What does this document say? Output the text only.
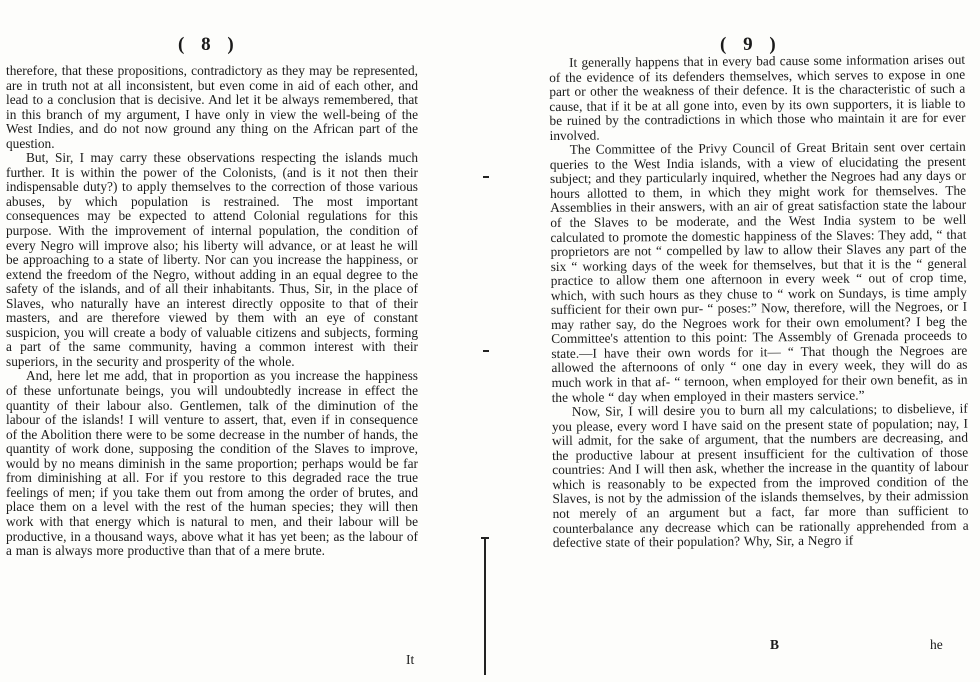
( 8 )

therefore, that these propositions, contradictory as they may be represented, are in truth not at all inconsistent, but even come in aid of each other, and lead to a conclusion that is decisive. And let it be always remembered, that in this branch of my argument, I have only in view the well-being of the West Indies, and do not now ground any thing on the African part of the question.

But, Sir, I may carry these observations respecting the islands much further. It is within the power of the Colonists, (and is it not then their indispensable duty?) to apply themselves to the correction of those various abuses, by which population is restrained. The most important consequences may be expected to attend Colonial regulations for this purpose. With the improvement of internal population, the condition of every Negro will improve also; his liberty will advance, or at least he will be approaching to a state of liberty. Nor can you increase the happiness, or extend the freedom of the Negro, without adding in an equal degree to the safety of the islands, and of all their inhabitants. Thus, Sir, in the place of Slaves, who naturally have an interest directly opposite to that of their masters, and are therefore viewed by them with an eye of constant suspicion, you will create a body of valuable citizens and subjects, forming a part of the same community, having a common interest with their superiors, in the security and prosperity of the whole.

And, here let me add, that in proportion as you increase the happiness of these unfortunate beings, you will undoubtedly increase in effect the quantity of their labour also. Gentlemen, talk of the diminution of the labour of the islands! I will venture to assert, that, even if in consequence of the Abolition there were to be some decrease in the number of hands, the quantity of work done, supposing the condition of the Slaves to improve, would by no means diminish in the same proportion; perhaps would be far from diminishing at all. For if you restore to this degraded race the true feelings of men; if you take them out from among the order of brutes, and place them on a level with the rest of the human species; they will then work with that energy which is natural to men, and their labour will be productive, in a thousand ways, above what it has yet been; as the labour of a man is always more productive than that of a mere brute.

It
( 9 )

It generally happens that in every bad cause some information arises out of the evidence of its defenders themselves, which serves to expose in one part or other the weakness of their defence. It is the characteristic of such a cause, that if it be at all gone into, even by its own supporters, it is liable to be ruined by the contradictions in which those who maintain it are for ever involved.

The Committee of the Privy Council of Great Britain sent over certain queries to the West India islands, with a view of elucidating the present subject; and they particularly inquired, whether the Negroes had any days or hours allotted to them, in which they might work for themselves. The Assemblies in their answers, with an air of great satisfaction state the labour of the Slaves to be moderate, and the West India system to be well calculated to promote the domestic happiness of the Slaves: They add, “ that proprietors are not “ compelled by law to allow their Slaves any part of the six “ working days of the week for themselves, but that it is the “ general practice to allow them one afternoon in every week “ out of crop time, which, with such hours as they chuse to “ work on Sundays, is time amply sufficient for their own pur- “ poses:” Now, therefore, will the Negroes, or I may rather say, do the Negroes work for their own emolument? I beg the Committee's attention to this point: The Assembly of Grenada proceeds to state.—I have their own words for it— “ That though the Negroes are allowed the afternoons of only “ one day in every week, they will do as much work in that af- “ ternoon, when employed for their own benefit, as in the whole “ day when employed in their masters service.”

Now, Sir, I will desire you to burn all my calculations; to disbelieve, if you please, every word I have said on the present state of population; nay, I will admit, for the sake of argument, that the numbers are decreasing, and the productive labour at present insufficient for the cultivation of those countries: And I will then ask, whether the increase in the quantity of labour which is reasonably to be expected from the improved condition of the Slaves, is not by the admission of the islands themselves, by their admission not merely of an argument but a fact, far more than sufficient to counterbalance any decrease which can be rationally apprehended from a defective state of their population? Why, Sir, a Negro if

B	he
